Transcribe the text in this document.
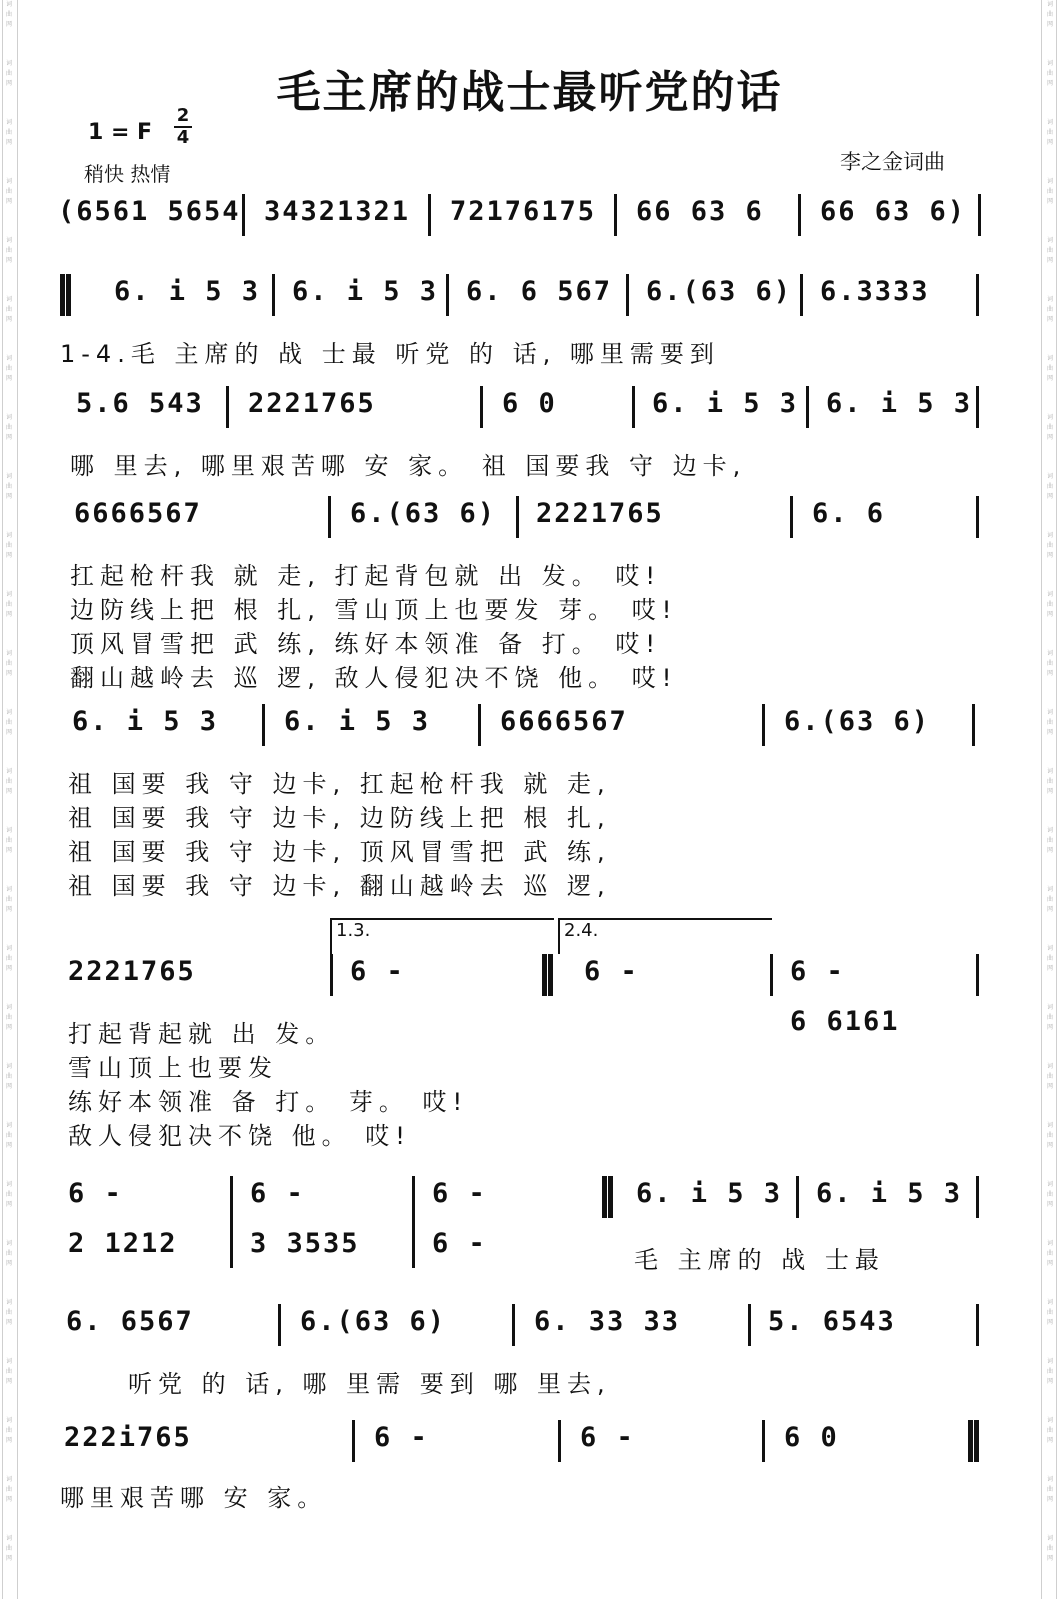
词曲网
词曲网
词曲网
词曲网
词曲网
词曲网
词曲网
词曲网
词曲网
词曲网
词曲网
词曲网
词曲网
词曲网
词曲网
词曲网
词曲网
词曲网
词曲网
词曲网
词曲网
词曲网
词曲网
词曲网
词曲网
词曲网
词曲网
词曲网
词曲网
词曲网
词曲网
词曲网
词曲网
词曲网
词曲网
词曲网
词曲网
词曲网
词曲网
词曲网
词曲网
词曲网
词曲网
词曲网
词曲网
词曲网
词曲网
词曲网
词曲网
词曲网
词曲网
词曲网
词曲网
词曲网
毛主席的战士最听党的话
1 = F
2
4
稍快 热情	李之金词曲
(6561 5654 34321321 72176175 66 63 6 66 63 6)
6. i 5 3 6. i 5 3 6. 6 567 6.(63 6) 6.3333
1-4.毛 主席的 战 士最 听党 的 话, 哪里需要到
5.6 543 2221765	6 0	6. i 5 3 6. i 5 3
哪 里去, 哪里艰苦哪 安 家。 祖 国要我 守 边卡,
6666567	6.(63 6) 2221765	6. 6
扛起枪杆我 就 走, 打起背包就 出 发。 哎!
边防线上把 根 扎, 雪山顶上也要发 芽。 哎!
顶风冒雪把 武 练, 练好本领准 备 打。 哎!
翻山越岭去 巡 逻, 敌人侵犯决不饶 他。 哎!
6. i 5 3 6. i 5 3	6666567	6.(63 6)
祖 国要 我 守 边卡, 扛起枪杆我 就 走,
祖 国要 我 守 边卡, 边防线上把 根 扎,
祖 国要 我 守 边卡, 顶风冒雪把 武 练,
祖 国要 我 守 边卡, 翻山越岭去 巡 逻,
1.3.	2.4.
2221765	6 -	6 -	6 -
6 6161
打起背起就 出 发。
雪山顶上也要发
练好本领准 备 打。 芽。 哎!
敌人侵犯决不饶 他。 哎!
6 -
2 1212
6 -
3 3535
6 -
6 -
6. i 5 3 6. i 5 3
毛 主席的 战 士最
6. 6567	6.(63 6)	6. 33 33	5. 6543
听党 的 话, 哪 里需 要到 哪 里去,
222i765	6 -	6 -	6 0
哪里艰苦哪 安 家。
